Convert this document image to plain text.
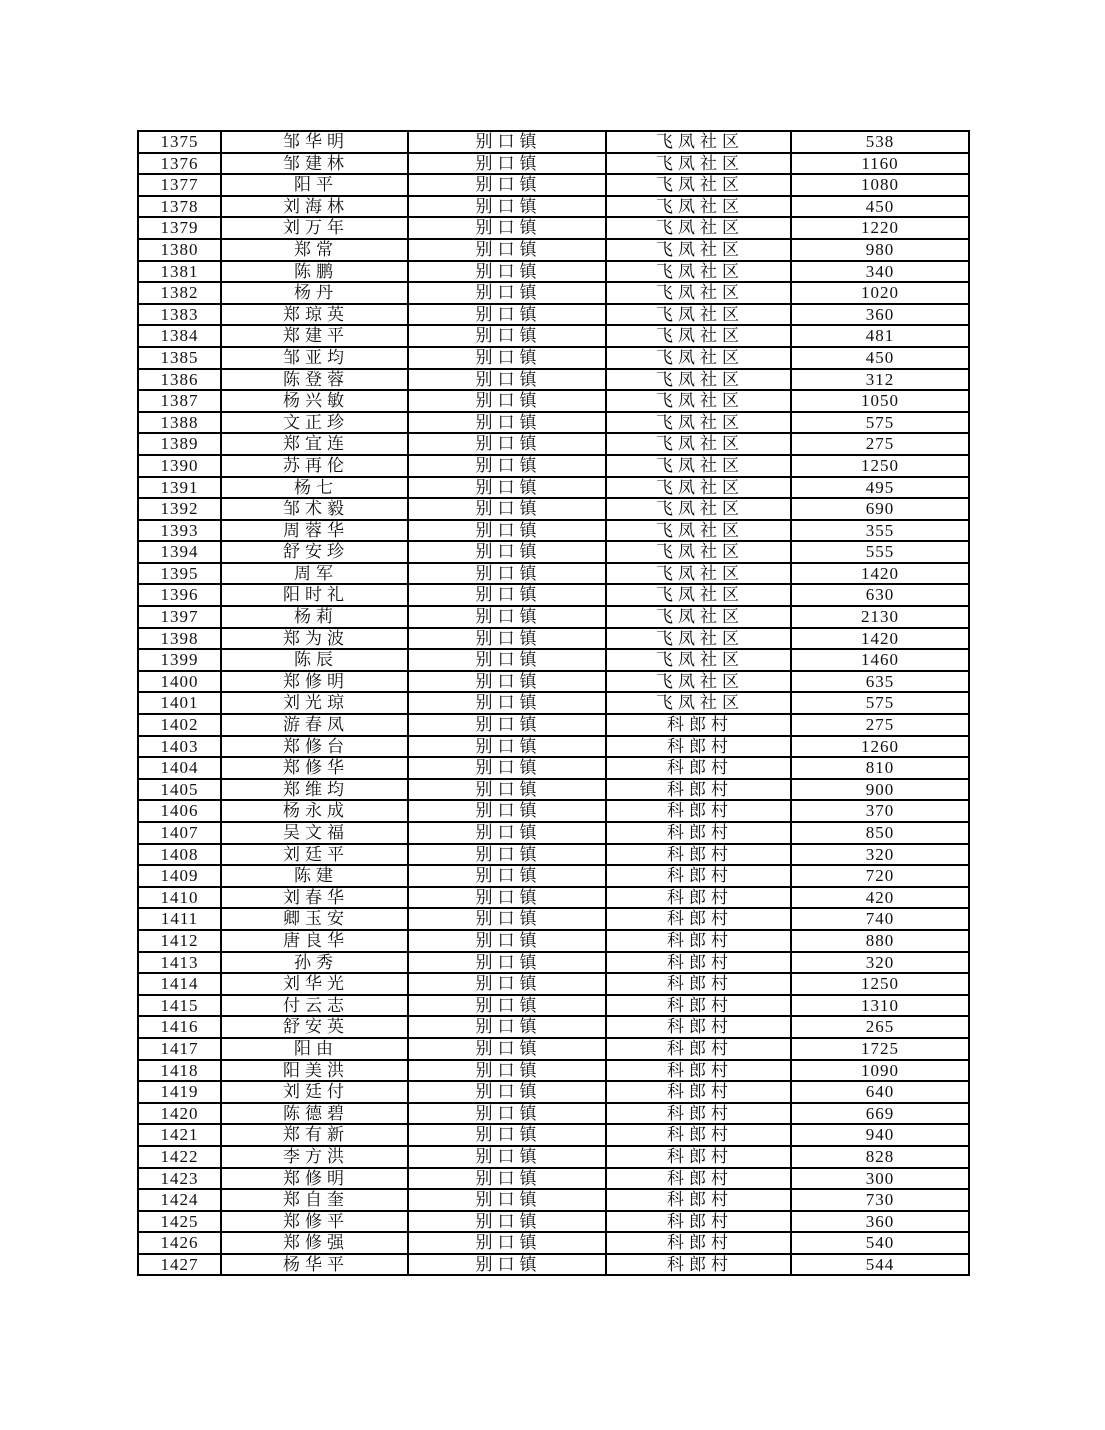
1375	邹华明	别口镇	飞凤社区	538
1376	邹建林	别口镇	飞凤社区	1160
1377	阳平	别口镇	飞凤社区	1080
1378	刘海林	别口镇	飞凤社区	450
1379	刘万年	别口镇	飞凤社区	1220
1380	郑常	别口镇	飞凤社区	980
1381	陈鹏	别口镇	飞凤社区	340
1382	杨丹	别口镇	飞凤社区	1020
1383	郑琼英	别口镇	飞凤社区	360
1384	郑建平	别口镇	飞凤社区	481
1385	邹亚均	别口镇	飞凤社区	450
1386	陈登蓉	别口镇	飞凤社区	312
1387	杨兴敏	别口镇	飞凤社区	1050
1388	文正珍	别口镇	飞凤社区	575
1389	郑宜连	别口镇	飞凤社区	275
1390	苏再伦	别口镇	飞凤社区	1250
1391	杨七	别口镇	飞凤社区	495
1392	邹术毅	别口镇	飞凤社区	690
1393	周蓉华	别口镇	飞凤社区	355
1394	舒安珍	别口镇	飞凤社区	555
1395	周军	别口镇	飞凤社区	1420
1396	阳时礼	别口镇	飞凤社区	630
1397	杨莉	别口镇	飞凤社区	2130
1398	郑为波	别口镇	飞凤社区	1420
1399	陈辰	别口镇	飞凤社区	1460
1400	郑修明	别口镇	飞凤社区	635
1401	刘光琼	别口镇	飞凤社区	575
1402	游春凤	别口镇	科郎村	275
1403	郑修台	别口镇	科郎村	1260
1404	郑修华	别口镇	科郎村	810
1405	郑维均	别口镇	科郎村	900
1406	杨永成	别口镇	科郎村	370
1407	吴文福	别口镇	科郎村	850
1408	刘廷平	别口镇	科郎村	320
1409	陈建	别口镇	科郎村	720
1410	刘春华	别口镇	科郎村	420
1411	卿玉安	别口镇	科郎村	740
1412	唐良华	别口镇	科郎村	880
1413	孙秀	别口镇	科郎村	320
1414	刘华光	别口镇	科郎村	1250
1415	付云志	别口镇	科郎村	1310
1416	舒安英	别口镇	科郎村	265
1417	阳由	别口镇	科郎村	1725
1418	阳美洪	别口镇	科郎村	1090
1419	刘廷付	别口镇	科郎村	640
1420	陈德碧	别口镇	科郎村	669
1421	郑有新	别口镇	科郎村	940
1422	李方洪	别口镇	科郎村	828
1423	郑修明	别口镇	科郎村	300
1424	郑自奎	别口镇	科郎村	730
1425	郑修平	别口镇	科郎村	360
1426	郑修强	别口镇	科郎村	540
1427	杨华平	别口镇	科郎村	544
